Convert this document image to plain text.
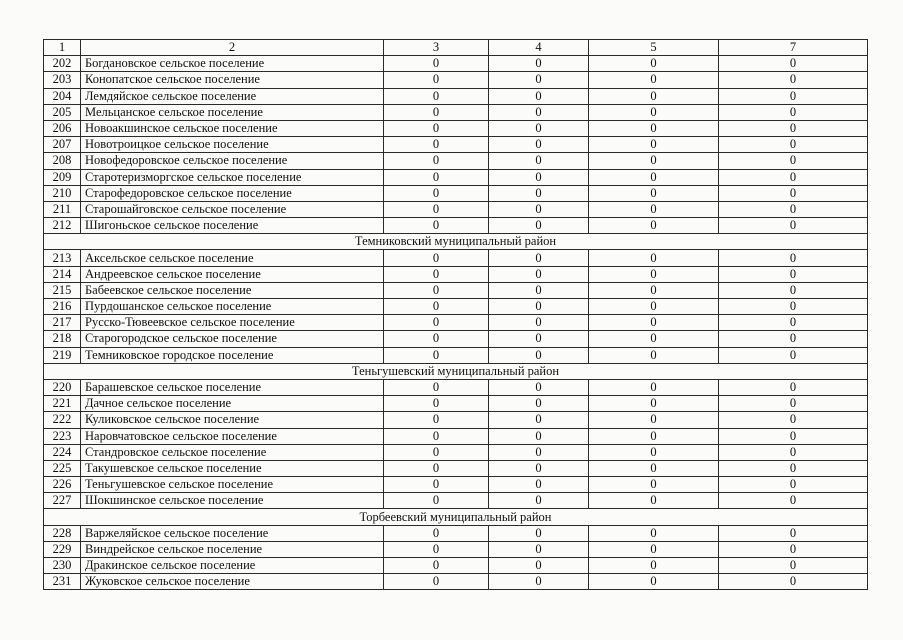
1	2	3	4	5	7
202	Богдановское сельское поселение	0	0	0	0
203	Конопатское сельское поселение	0	0	0	0
204	Лемдяйское сельское поселение	0	0	0	0
205	Мельцанское сельское поселение	0	0	0	0
206	Новоакшинское сельское поселение	0	0	0	0
207	Новотроицкое сельское поселение	0	0	0	0
208	Новофедоровское сельское поселение	0	0	0	0
209	Старотеризморгское сельское поселение	0	0	0	0
210	Старофедоровское сельское поселение	0	0	0	0
211	Старошайговское сельское поселение	0	0	0	0
212	Шигоньское сельское поселение	0	0	0	0
Темниковский муниципальный район					
213	Аксельское сельское поселение	0	0	0	0
214	Андреевское сельское поселение	0	0	0	0
215	Бабеевское сельское поселение	0	0	0	0
216	Пурдошанское сельское поселение	0	0	0	0
217	Русско-Тювеевское сельское поселение	0	0	0	0
218	Старогородское сельское поселение	0	0	0	0
219	Темниковское городское поселение	0	0	0	0
Теньгушевский муниципальный район					
220	Барашевское сельское поселение	0	0	0	0
221	Дачное сельское поселение	0	0	0	0
222	Куликовское сельское поселение	0	0	0	0
223	Наровчатовское сельское поселение	0	0	0	0
224	Стандровское сельское поселение	0	0	0	0
225	Такушевское сельское поселение	0	0	0	0
226	Теньгушевское сельское поселение	0	0	0	0
227	Шокшинское сельское поселение	0	0	0	0
Торбеевский муниципальный район					
228	Варжеляйское сельское поселение	0	0	0	0
229	Виндрейское сельское поселение	0	0	0	0
230	Дракинское сельское поселение	0	0	0	0
231	Жуковское сельское поселение	0	0	0	0
